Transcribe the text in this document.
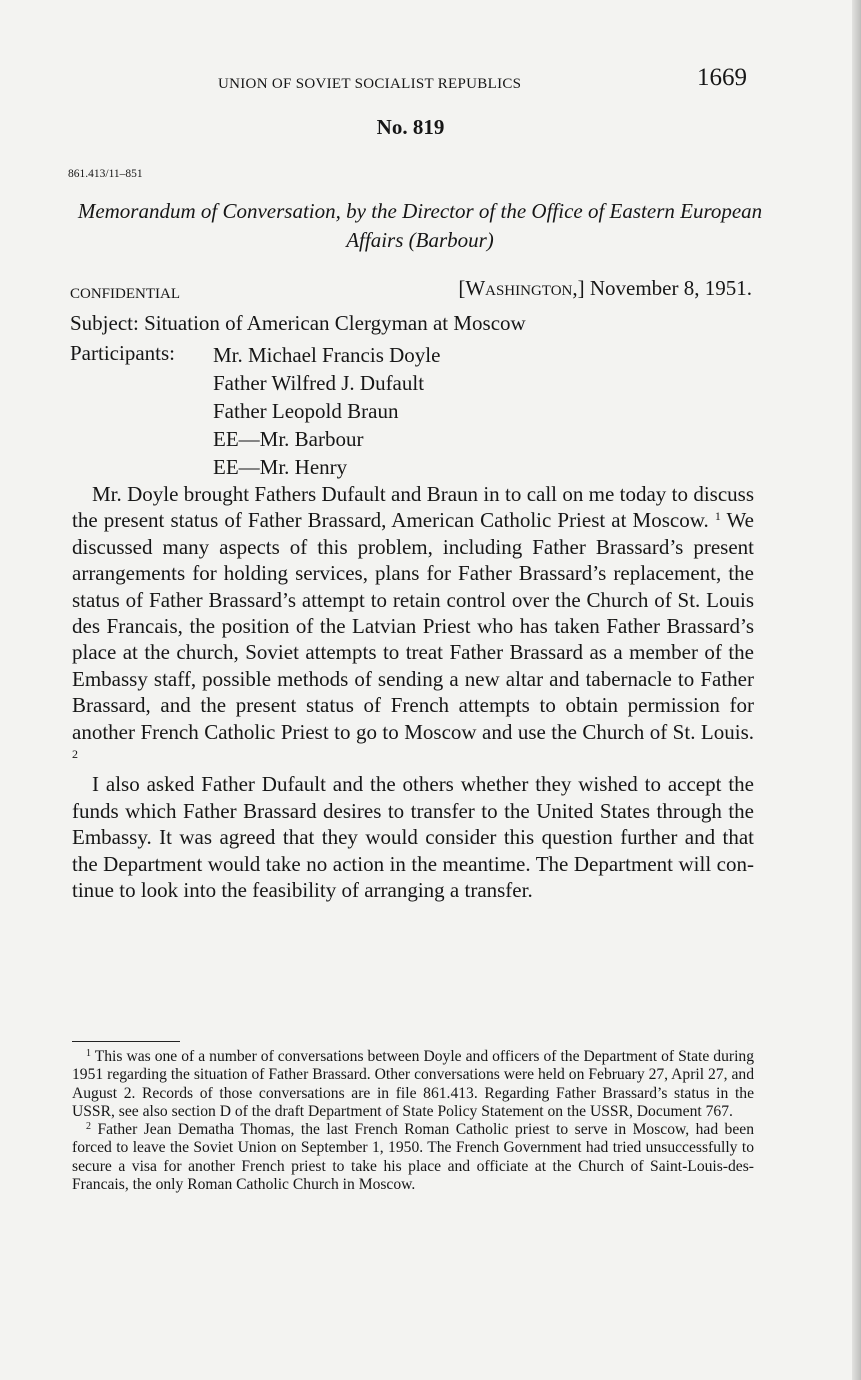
UNION OF SOVIET SOCIALIST REPUBLICS	1669
No. 819
861.413/11–851
Memorandum of Conversation, by the Director of the Office of Eastern European Affairs (Barbour)
CONFIDENTIAL	[Washington,] November 8, 1951.
Subject: Situation of American Clergyman at Moscow
Participants: Mr. Michael Francis Doyle
Father Wilfred J. Dufault
Father Leopold Braun
EE—Mr. Barbour
EE—Mr. Henry

Mr. Doyle brought Fathers Dufault and Braun in to call on me today to discuss the present status of Father Brassard, American Catholic Priest at Moscow. $^1$ We discussed many aspects of this problem, including Father Brassard’s present arrangements for holding services, plans for Father Brassard’s replacement, the status of Father Brassard’s attempt to retain control over the Church of St. Louis des Francais, the position of the Latvian Priest who has taken Father Brassard’s place at the church, Soviet attempts to treat Father Brassard as a member of the Embassy staff, possible methods of sending a new altar and tabernacle to Father Brassard, and the present status of French attempts to obtain permission for another French Catholic Priest to go to Moscow and use the Church of St. Louis. $^2$

I also asked Father Dufault and the others whether they wished to accept the funds which Father Brassard desires to transfer to the United States through the Embassy. It was agreed that they would consider this question further and that the Department would take no action in the meantime. The Department will continue to look into the feasibility of arranging a transfer.

$^1$ This was one of a number of conversations between Doyle and officers of the Department of State during 1951 regarding the situation of Father Brassard. Other conversations were held on February 27, April 27, and August 2. Records of those conversations are in file 861.413. Regarding Father Brassard’s status in the USSR, see also section D of the draft Department of State Policy Statement on the USSR, Document 767.

$^2$ Father Jean Dematha Thomas, the last French Roman Catholic priest to serve in Moscow, had been forced to leave the Soviet Union on September 1, 1950. The French Government had tried unsuccessfully to secure a visa for another French priest to take his place and officiate at the Church of Saint-Louis-des-Francais, the only Roman Catholic Church in Moscow.
